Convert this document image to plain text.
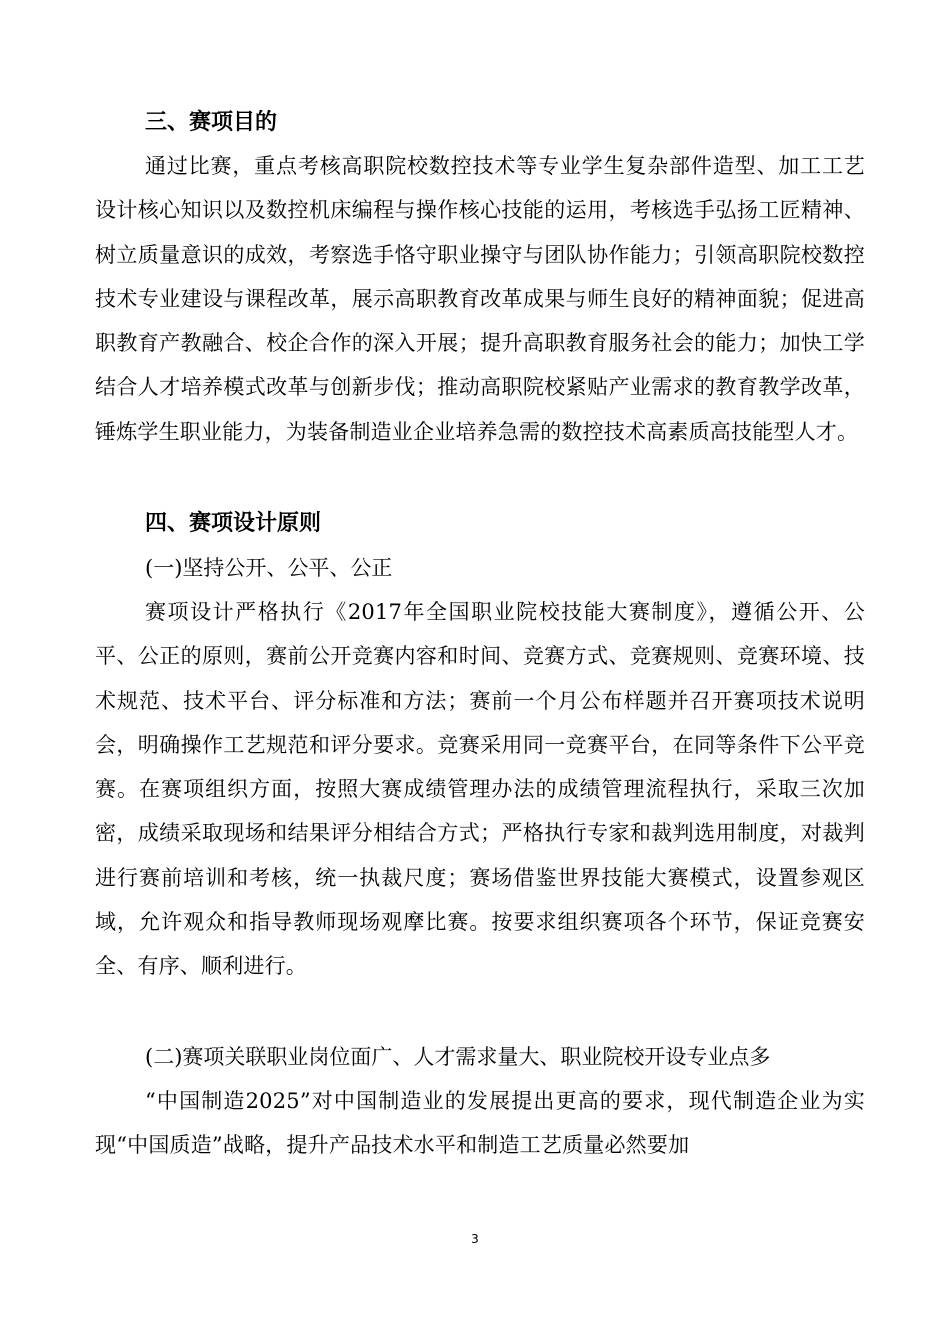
三、赛项目的
通过比赛，重点考核高职院校数控技术等专业学生复杂部件造型、加工工艺设计核心知识以及数控机床编程与操作核心技能的运用，考核选手弘扬工匠精神、树立质量意识的成效，考察选手恪守职业操守与团队协作能力；引领高职院校数控技术专业建设与课程改革，展示高职教育改革成果与师生良好的精神面貌；促进高职教育产教融合、校企合作的深入开展；提升高职教育服务社会的能力；加快工学结合人才培养模式改革与创新步伐；推动高职院校紧贴产业需求的教育教学改革，锤炼学生职业能力，为装备制造业企业培养急需的数控技术高素质高技能型人才。
四、赛项设计原则
(一)坚持公开、公平、公正
赛项设计严格执行《2017年全国职业院校技能大赛制度》，遵循公开、公平、公正的原则，赛前公开竞赛内容和时间、竞赛方式、竞赛规则、竞赛环境、技术规范、技术平台、评分标准和方法；赛前一个月公布样题并召开赛项技术说明会，明确操作工艺规范和评分要求。竞赛采用同一竞赛平台，在同等条件下公平竞赛。在赛项组织方面，按照大赛成绩管理办法的成绩管理流程执行，采取三次加密，成绩采取现场和结果评分相结合方式；严格执行专家和裁判选用制度，对裁判进行赛前培训和考核，统一执裁尺度；赛场借鉴世界技能大赛模式，设置参观区域，允许观众和指导教师现场观摩比赛。按要求组织赛项各个环节，保证竞赛安全、有序、顺利进行。
(二)赛项关联职业岗位面广、人才需求量大、职业院校开设专业点多
“中国制造2025”对中国制造业的发展提出更高的要求，现代制造企业为实现“中国质造”战略，提升产品技术水平和制造工艺质量必然要加
3
